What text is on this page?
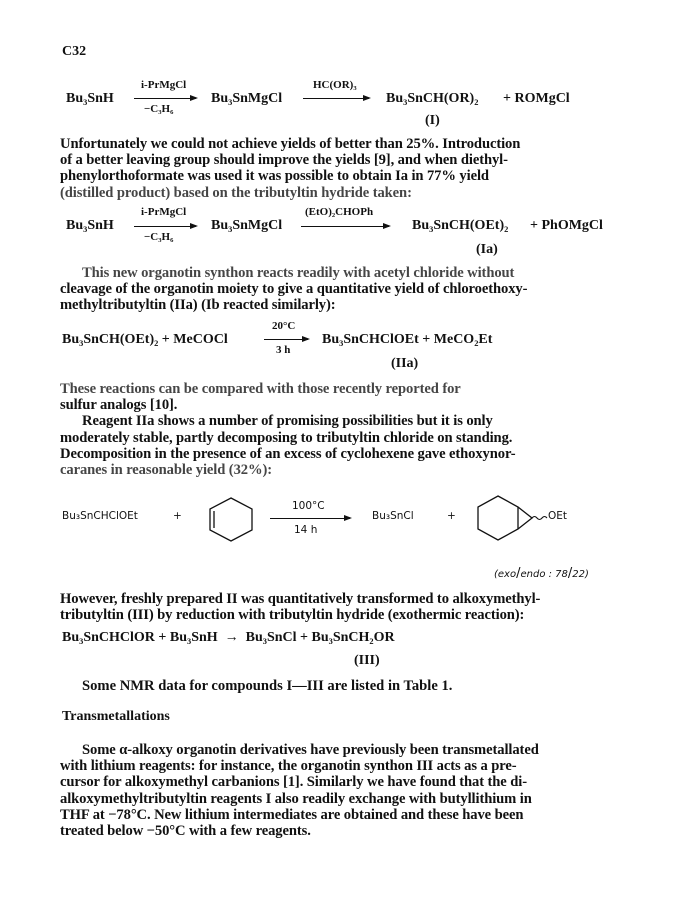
C32
Bu₃SnH
i-PrMgCl
−C₃H₆
Bu₃SnMgCl
HC(OR)₃
Bu₃SnCH(OR)₂ + ROMgCl
(I)
Unfortunately we could not achieve yields of better than 25%. Introduction
of a better leaving group should improve the yields [9], and when diethyl-
phenylorthoformate was used it was possible to obtain Ia in 77% yield
(distilled product) based on the tributyltin hydride taken:
Bu₃SnH
i-PrMgCl
−C₃H₆
Bu₃SnMgCl
(EtO)₂CHOPh
Bu₃SnCH(OEt)₂ + PhOMgCl
(Ia)
This new organotin synthon reacts readily with acetyl chloride without
cleavage of the organotin moiety to give a quantitative yield of chloroethoxy-
methyltributyltin (IIa) (Ib reacted similarly):
Bu₃SnCH(OEt)₂ + MeCOCl
20°C
3 h
Bu₃SnCHClOEt + MeCO₂Et
(IIa)
These reactions can be compared with those recently reported for
sulfur analogs [10].
Reagent IIa shows a number of promising possibilities but it is only
moderately stable, partly decomposing to tributyltin chloride on standing.
Decomposition in the presence of an excess of cyclohexene gave ethoxynor-
caranes in reasonable yield (32%):
Bu₃SnCHClOEt	+
100°C
14 h
Bu₃SnCl	+	OEt
(exo/endo : 78/22)
However, freshly prepared II was quantitatively transformed to alkoxymethyl-
tributyltin (III) by reduction with tributyltin hydride (exothermic reaction):
Bu₃SnCHClOR + Bu₃SnH  →  Bu₃SnCl + Bu₃SnCH₂OR
(III)
Some NMR data for compounds I—III are listed in Table 1.
Transmetallations
Some α-alkoxy organotin derivatives have previously been transmetallated
with lithium reagents: for instance, the organotin synthon III acts as a pre-
cursor for alkoxymethyl carbanions [1]. Similarly we have found that the di-
alkoxymethyltributyltin reagents I also readily exchange with butyllithium in
THF at −78°C. New lithium intermediates are obtained and these have been
treated below −50°C with a few reagents.
